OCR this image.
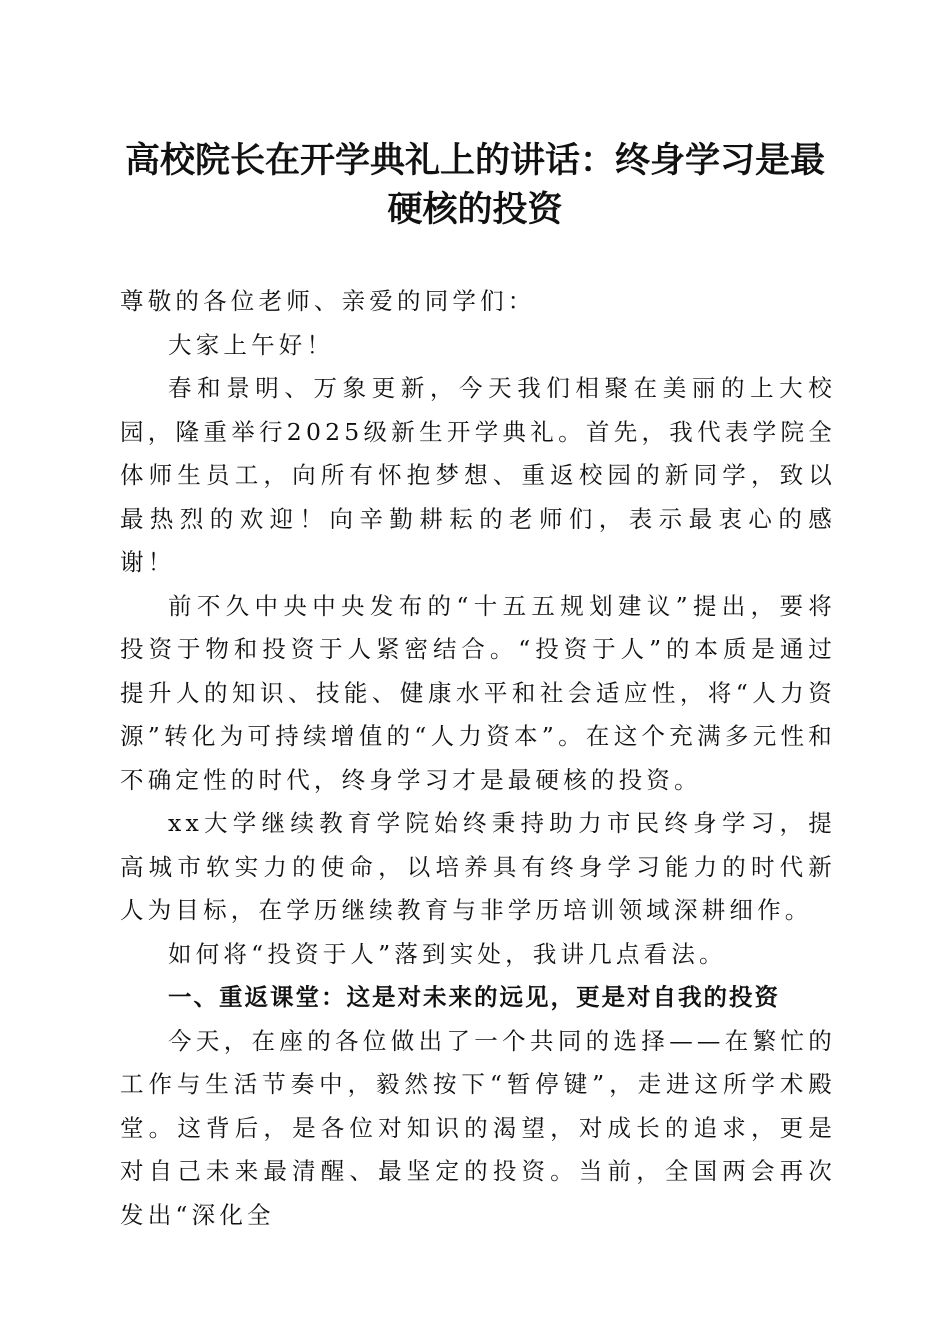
高校院长在开学典礼上的讲话：终身学习是最
硬核的投资

尊敬的各位老师、亲爱的同学们：

大家上午好！

春和景明、万象更新，今天我们相聚在美丽的上大校园，隆重举行2025级新生开学典礼。首先，我代表学院全体师生员工，向所有怀抱梦想、重返校园的新同学，致以最热烈的欢迎！向辛勤耕耘的老师们，表示最衷心的感谢！

前不久中央中央发布的“十五五规划建议”提出，要将投资于物和投资于人紧密结合。“投资于人”的本质是通过提升人的知识、技能、健康水平和社会适应性，将“人力资源”转化为可持续增值的“人力资本”。在这个充满多元性和不确定性的时代，终身学习才是最硬核的投资。

xx大学继续教育学院始终秉持助力市民终身学习，提高城市软实力的使命，以培养具有终身学习能力的时代新人为目标，在学历继续教育与非学历培训领域深耕细作。

如何将“投资于人”落到实处，我讲几点看法。

一、重返课堂：这是对未来的远见，更是对自我的投资

今天，在座的各位做出了一个共同的选择——在繁忙的工作与生活节奏中，毅然按下“暂停键”，走进这所学术殿堂。这背后，是各位对知识的渴望，对成长的追求，更是对自己未来最清醒、最坚定的投资。当前，全国两会再次发出“深化全
